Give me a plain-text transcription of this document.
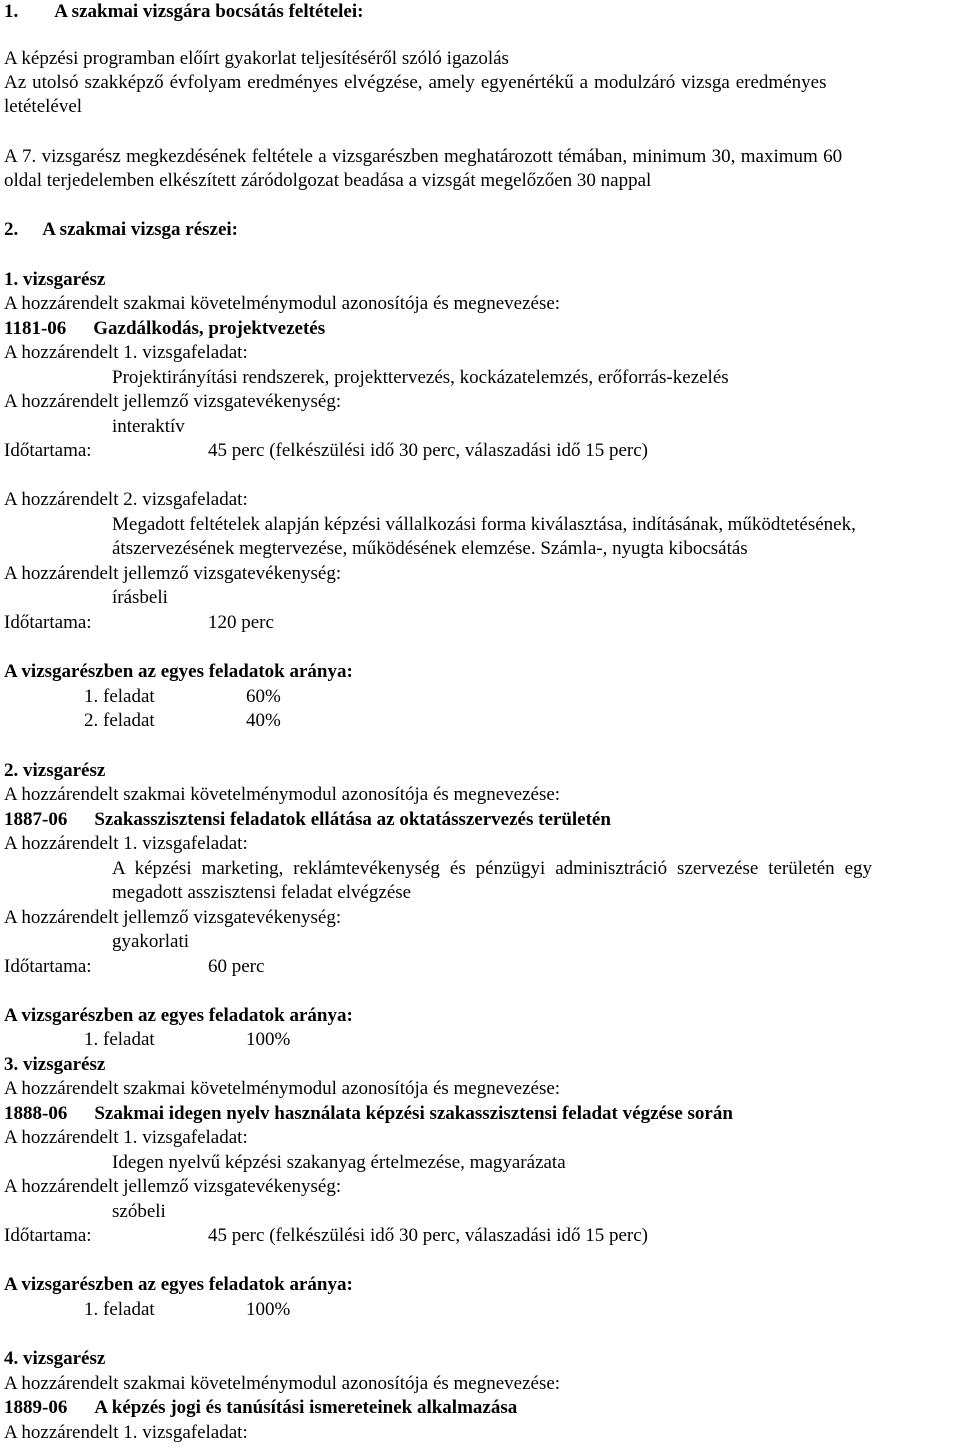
1. A szakmai vizsgára bocsátás feltételei:
A képzési programban előírt gyakorlat teljesítéséről szóló igazolás
Az utolsó szakképző évfolyam eredményes elvégzése, amely egyenértékű a modulzáró vizsga eredményes
letételével
A 7. vizsgarész megkezdésének feltétele a vizsgarészben meghatározott témában, minimum 30, maximum 60
oldal terjedelemben elkészített záródolgozat beadása a vizsgát megelőzően 30 nappal
2. A szakmai vizsga részei:
1. vizsgarész
A hozzárendelt szakmai követelménymodul azonosítója és megnevezése:
1181-06 Gazdálkodás, projektvezetés
A hozzárendelt 1. vizsgafeladat:
Projektirányítási rendszerek, projekttervezés, kockázatelemzés, erőforrás-kezelés
A hozzárendelt jellemző vizsgatevékenység:
interaktív
Időtartama:	45 perc (felkészülési idő 30 perc, válaszadási idő 15 perc)
A hozzárendelt 2. vizsgafeladat:
Megadott feltételek alapján képzési vállalkozási forma kiválasztása, indításának, működtetésének,
átszervezésének megtervezése, működésének elemzése. Számla-, nyugta kibocsátás
A hozzárendelt jellemző vizsgatevékenység:
írásbeli
Időtartama:	120 perc
A vizsgarészben az egyes feladatok aránya:
1. feladat	60%
2. feladat	40%
2. vizsgarész
A hozzárendelt szakmai követelménymodul azonosítója és megnevezése:
1887-06 Szakasszisztensi feladatok ellátása az oktatásszervezés területén
A hozzárendelt 1. vizsgafeladat:
A képzési marketing, reklámtevékenység és pénzügyi adminisztráció szervezése területén egy
megadott asszisztensi feladat elvégzése
A hozzárendelt jellemző vizsgatevékenység:
gyakorlati
Időtartama:	60 perc
A vizsgarészben az egyes feladatok aránya:
1. feladat	100%
3. vizsgarész
A hozzárendelt szakmai követelménymodul azonosítója és megnevezése:
1888-06 Szakmai idegen nyelv használata képzési szakasszisztensi feladat végzése során
A hozzárendelt 1. vizsgafeladat:
Idegen nyelvű képzési szakanyag értelmezése, magyarázata
A hozzárendelt jellemző vizsgatevékenység:
szóbeli
Időtartama:	45 perc (felkészülési idő 30 perc, válaszadási idő 15 perc)
A vizsgarészben az egyes feladatok aránya:
1. feladat	100%
4. vizsgarész
A hozzárendelt szakmai követelménymodul azonosítója és megnevezése:
1889-06 A képzés jogi és tanúsítási ismereteinek alkalmazása
A hozzárendelt 1. vizsgafeladat:
